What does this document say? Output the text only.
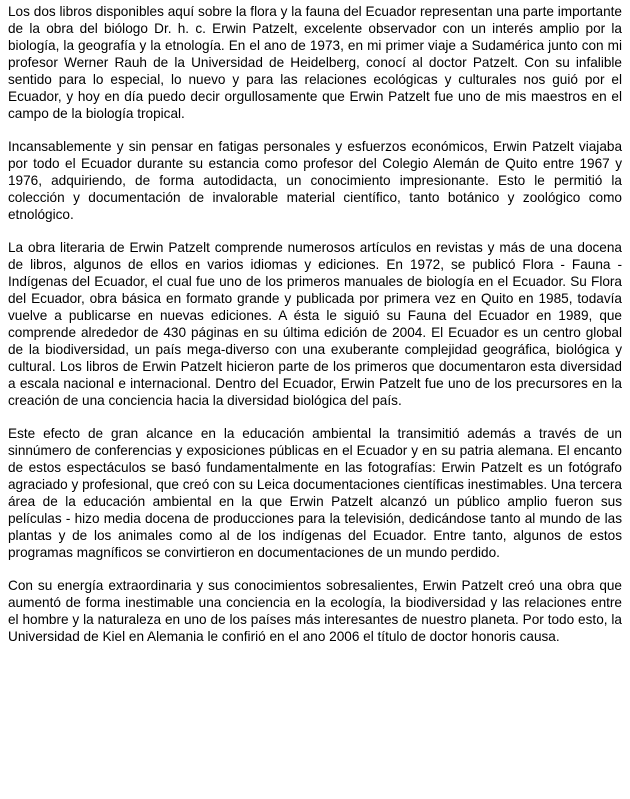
Los dos libros disponibles aquí sobre la flora y la fauna del Ecuador representan una parte importante de la obra del biólogo Dr. h. c. Erwin Patzelt, excelente observador con un interés amplio por la biología, la geografía y la etnología. En el ano de 1973, en mi primer viaje a Sudamérica junto con mi profesor Werner Rauh de la Universidad de Heidelberg, conocí al doctor Patzelt. Con su infalible sentido para lo especial, lo nuevo y para las relaciones ecológicas y culturales nos guió por el Ecuador, y hoy en día puedo decir orgullosamente que Erwin Patzelt fue uno de mis maestros en el campo de la biología tropical.

Incansablemente y sin pensar en fatigas personales y esfuerzos económicos, Erwin Patzelt viajaba por todo el Ecuador durante su estancia como profesor del Colegio Alemán de Quito entre 1967 y 1976, adquiriendo, de forma autodidacta, un conocimiento impresionante. Esto le permitió la colección y documentación de invalorable material científico, tanto botánico y zoológico como etnológico.

La obra literaria de Erwin Patzelt comprende numerosos artículos en revistas y más de una docena de libros, algunos de ellos en varios idiomas y ediciones. En 1972, se publicó Flora - Fauna - Indígenas del Ecuador, el cual fue uno de los primeros manuales de biología en el Ecuador. Su Flora del Ecuador, obra básica en formato grande y publicada por primera vez en Quito en 1985, todavía vuelve a publicarse en nuevas ediciones. A ésta le siguió su Fauna del Ecuador en 1989, que comprende alrededor de 430 páginas en su última edición de 2004. El Ecuador es un centro global de la biodiversidad, un país mega-diverso con una exuberante complejidad geográfica, biológica y cultural. Los libros de Erwin Patzelt hicieron parte de los primeros que documentaron esta diversidad a escala nacional e internacional. Dentro del Ecuador, Erwin Patzelt fue uno de los precursores en la creación de una conciencia hacia la diversidad biológica del país.

Este efecto de gran alcance en la educación ambiental la transimitió además a través de un sinnúmero de conferencias y exposiciones públicas en el Ecuador y en su patria alemana. El encanto de estos espectáculos se basó fundamentalmente en las fotografías: Erwin Patzelt es un fotógrafo agraciado y profesional, que creó con su Leica documentaciones científicas inestimables. Una tercera área de la educación ambiental en la que Erwin Patzelt alcanzó un público amplio fueron sus películas - hizo media docena de producciones para la televisión, dedicándose tanto al mundo de las plantas y de los animales como al de los indígenas del Ecuador. Entre tanto, algunos de estos programas magníficos se convirtieron en documentaciones de un mundo perdido.

Con su energía extraordinaria y sus conocimientos sobresalientes, Erwin Patzelt creó una obra que aumentó de forma inestimable una conciencia en la ecología, la biodiversidad y las relaciones entre el hombre y la naturaleza en uno de los países más interesantes de nuestro planeta. Por todo esto, la Universidad de Kiel en Alemania le confirió en el ano 2006 el título de doctor honoris causa.
